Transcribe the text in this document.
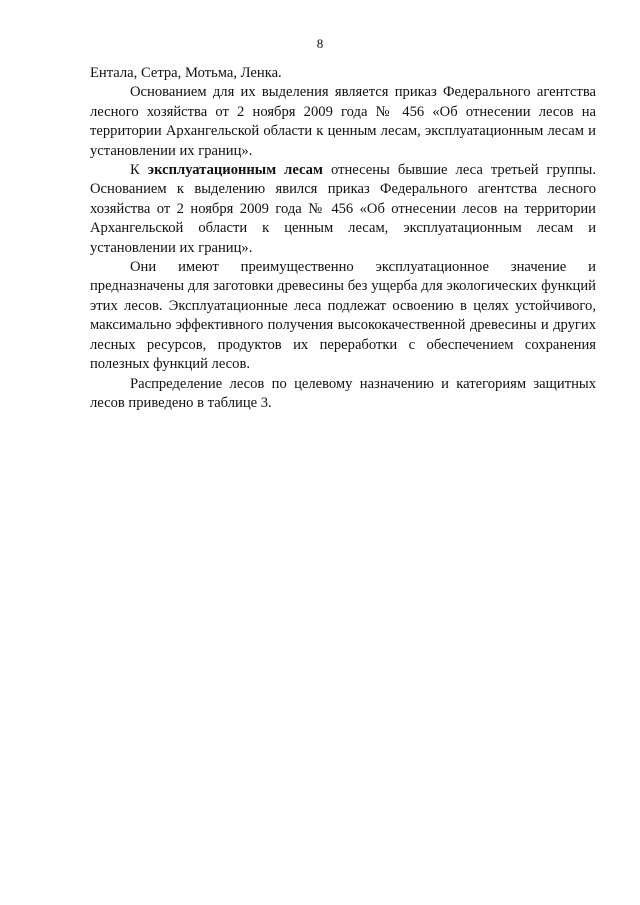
8

Ентала, Сетра, Мотьма, Ленка.

Основанием для их выделения является приказ Федерального агентства лесного хозяйства от 2 ноября 2009 года № 456 «Об отнесении лесов на территории Архангельской области к ценным лесам, эксплуатационным лесам и установлении их границ».

К эксплуатационным лесам отнесены бывшие леса третьей группы. Основанием к выделению явился приказ Федерального агентства лесного хозяйства от 2 ноября 2009 года № 456 «Об отнесении лесов на территории Архангельской области к ценным лесам, эксплуатационным лесам и установлении их границ».

Они имеют преимущественно эксплуатационное значение и предназначены для заготовки древесины без ущерба для экологических функций этих лесов. Эксплуатационные леса подлежат освоению в целях устойчивого, максимально эффективного получения высококачественной древесины и других лесных ресурсов, продуктов их переработки с обеспечением сохранения полезных функций лесов.

Распределение лесов по целевому назначению и категориям защитных лесов приведено в таблице 3.
